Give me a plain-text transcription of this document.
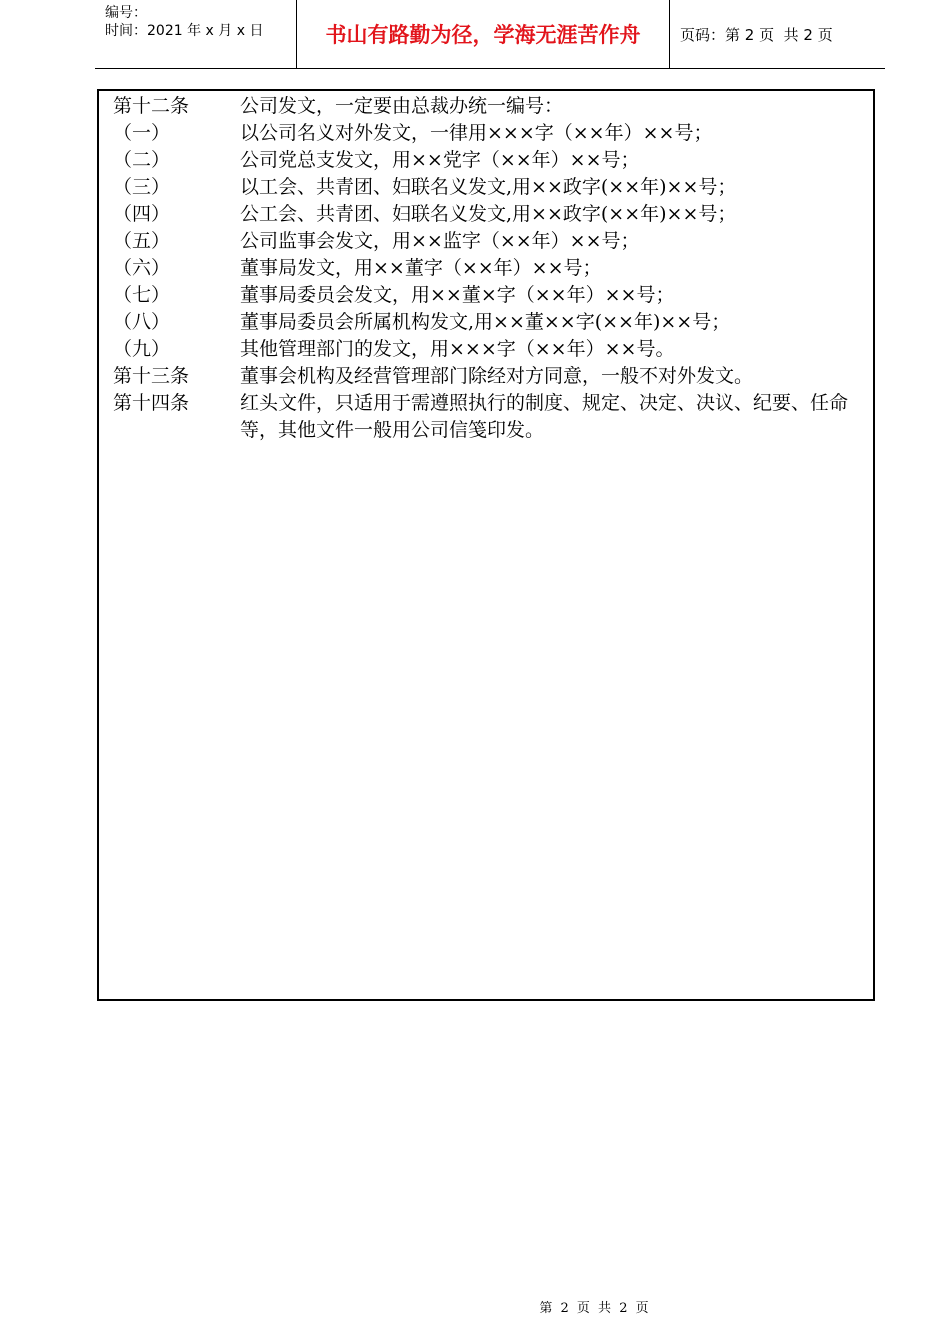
编号：
时间：2021 年 x 月 x 日	书山有路勤为径，学海无涯苦作舟	页码：第 2 页  共 2 页
第十二条	公司发文，一定要由总裁办统一编号：
（一）	以公司名义对外发文，一律用×××字（××年）××号；
（二）	公司党总支发文，用××党字（××年）××号；
（三）	以工会、共青团、妇联名义发文,用××政字(××年)××号；
（四）	公工会、共青团、妇联名义发文,用××政字(××年)××号；
（五）	公司监事会发文，用××监字（××年）××号；
（六）	董事局发文，用××董字（××年）××号；
（七）	董事局委员会发文，用××董×字（××年）××号；
（八）	董事局委员会所属机构发文,用××董××字(××年)××号；
（九）	其他管理部门的发文，用×××字（××年）××号。
第十三条	董事会机构及经营管理部门除经对方同意，一般不对外发文。
第十四条	红头文件，只适用于需遵照执行的制度、规定、决定、决议、纪要、任命等，其他文件一般用公司信笺印发。
第 2 页 共 2 页
